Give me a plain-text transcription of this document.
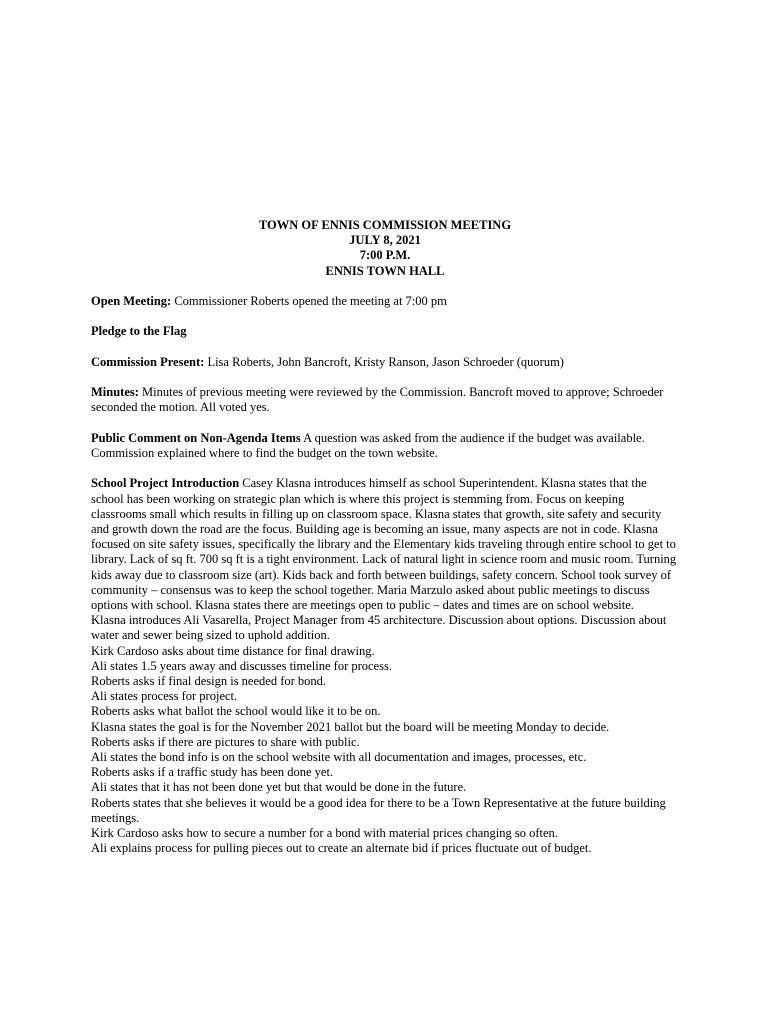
TOWN OF ENNIS COMMISSION MEETING
JULY 8, 2021
7:00 P.M.
ENNIS TOWN HALL

Open Meeting: Commissioner Roberts opened the meeting at 7:00 pm

Pledge to the Flag

Commission Present: Lisa Roberts, John Bancroft, Kristy Ranson, Jason Schroeder (quorum)

Minutes: Minutes of previous meeting were reviewed by the Commission. Bancroft moved to approve; Schroeder seconded the motion. All voted yes.

Public Comment on Non-Agenda Items A question was asked from the audience if the budget was available. Commission explained where to find the budget on the town website.

School Project Introduction Casey Klasna introduces himself as school Superintendent. Klasna states that the school has been working on strategic plan which is where this project is stemming from. Focus on keeping classrooms small which results in filling up on classroom space. Klasna states that growth, site safety and security and growth down the road are the focus. Building age is becoming an issue, many aspects are not in code. Klasna focused on site safety issues, specifically the library and the Elementary kids traveling through entire school to get to library. Lack of sq ft. 700 sq ft is a tight environment. Lack of natural light in science room and music room. Turning kids away due to classroom size (art). Kids back and forth between buildings, safety concern. School took survey of community – consensus was to keep the school together. Maria Marzulo asked about public meetings to discuss options with school. Klasna states there are meetings open to public – dates and times are on school website.
Klasna introduces Ali Vasarella, Project Manager from 45 architecture. Discussion about options. Discussion about water and sewer being sized to uphold addition.
Kirk Cardoso asks about time distance for final drawing.
Ali states 1.5 years away and discusses timeline for process.
Roberts asks if final design is needed for bond.
Ali states process for project.
Roberts asks what ballot the school would like it to be on.
Klasna states the goal is for the November 2021 ballot but the board will be meeting Monday to decide.
Roberts asks if there are pictures to share with public.
Ali states the bond info is on the school website with all documentation and images, processes, etc.
Roberts asks if a traffic study has been done yet.
Ali states that it has not been done yet but that would be done in the future.
Roberts states that she believes it would be a good idea for there to be a Town Representative at the future building meetings.
Kirk Cardoso asks how to secure a number for a bond with material prices changing so often.
Ali explains process for pulling pieces out to create an alternate bid if prices fluctuate out of budget.
